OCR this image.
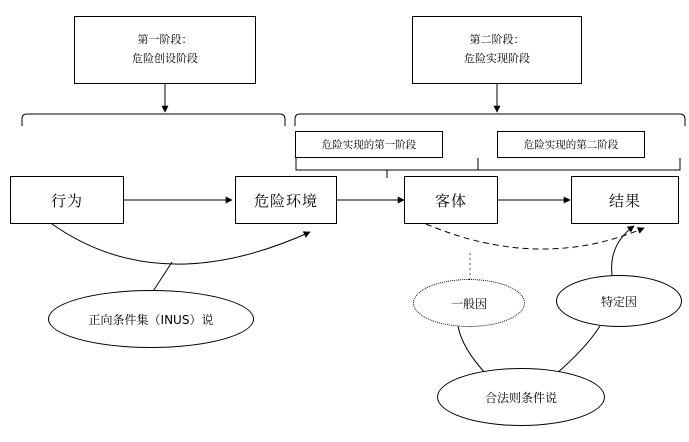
第一阶段：
危险创设阶段
第二阶段：
危险实现阶段
危险实现的第一阶段	危险实现的第二阶段
行为	危险环境	客体	结果
正向条件集（INUS）说
一般因	特定因
合法则条件说
